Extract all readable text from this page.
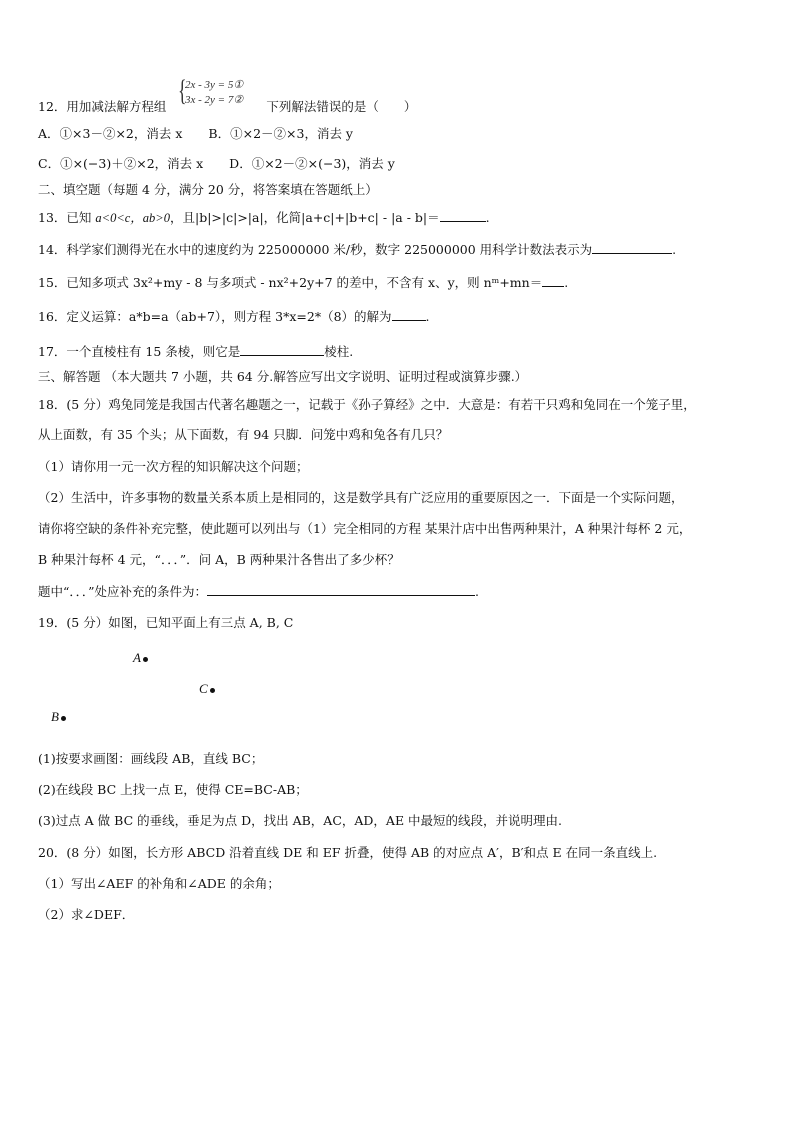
{
2x - 3y = 5①
3x - 2y = 7②
12．用加减法解方程组	下列解法错误的是（　　）
A．①×3－②×2，消去 x B．①×2－②×3，消去 y
C．①×(−3)＋②×2，消去 x D．①×2－②×(−3)，消去 y
二、填空题（每题 4 分，满分 20 分，将答案填在答题纸上）
13．已知 a<0<c，ab>0，且|b|>|c|>|a|，化简|a+c|+|b+c| - |a - b|＝	.
14．科学家们测得光在水中的速度约为 225000000 米/秒，数字 225000000 用科学计数法表示为	.
15．已知多项式 3x²+my - 8 与多项式 - nx²+2y+7 的差中，不含有 x、y，则 nᵐ+mn＝ .
16．定义运算：a*b=a（ab+7），则方程 3*x=2*（8）的解为	.
17．一个直棱柱有 15 条棱，则它是	棱柱.
三、解答题 （本大题共 7 小题，共 64 分.解答应写出文字说明、证明过程或演算步骤.）
18．(5 分）鸡兔同笼是我国古代著名趣题之一，记载于《孙子算经》之中．大意是：有若干只鸡和兔同在一个笼子里，
从上面数，有 35 个头；从下面数，有 94 只脚．问笼中鸡和兔各有几只？
（1）请你用一元一次方程的知识解决这个问题；
（2）生活中，许多事物的数量关系本质上是相同的，这是数学具有广泛应用的重要原因之一．下面是一个实际问题，
请你将空缺的条件补充完整，使此题可以列出与（1）完全相同的方程 某果汁店中出售两种果汁，A 种果汁每杯 2 元，
B 种果汁每杯 4 元，“．．．”．问 A，B 两种果汁各售出了多少杯？
题中“．．．”处应补充的条件为：	.
19．(5 分）如图，已知平面上有三点 A, B, C
A
C
B
(1)按要求画图：画线段 AB，直线 BC；
(2)在线段 BC 上找一点 E，使得 CE=BC-AB；
(3)过点 A 做 BC 的垂线，垂足为点 D，找出 AB，AC，AD，AE 中最短的线段，并说明理由.
20．(8 分）如图，长方形 ABCD 沿着直线 DE 和 EF 折叠，使得 AB 的对应点 A′，B′和点 E 在同一条直线上.
（1）写出∠AEF 的补角和∠ADE 的余角；
（2）求∠DEF．
